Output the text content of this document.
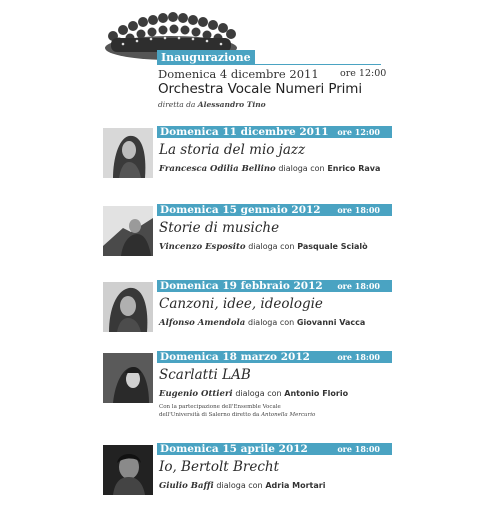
Inaugurazione
Domenica 4 dicembre 2011 ore 12:00
Orchestra Vocale Numeri Primi
diretta da Alessandro Tino
Domenica 11 dicembre 2011 ore 12:00
La storia del mio jazz
Francesca Odilia Bellino dialoga con Enrico Rava
Domenica 15 gennaio 2012 ore 18:00
Storie di musiche
Vincenzo Esposito dialoga con Pasquale Scialò
Domenica 19 febbraio 2012 ore 18:00
Canzoni, idee, ideologie
Alfonso Amendola dialoga con Giovanni Vacca
Domenica 18 marzo 2012	ore 18:00
Scarlatti LAB
Eugenio Ottieri dialoga con Antonio Florio
Con la partecipazione dell'Ensemble Vocale
dell'Università di Salerno diretto da Antonella Mercurio
Domenica 15 aprile 2012	ore 18:00
Io, Bertolt Brecht
Giulio Baffi dialoga con Adria Mortari
